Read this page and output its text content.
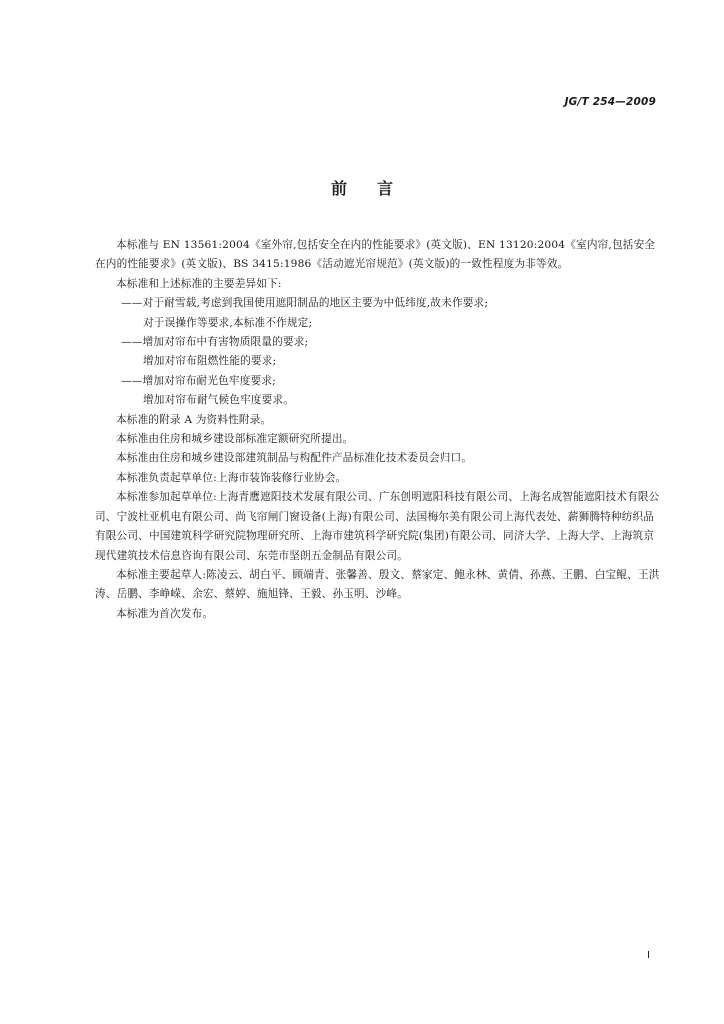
JG/T 254—2009
前 言

本标准与 EN 13561:2004《室外帘,包括安全在内的性能要求》(英文版)、EN 13120:2004《室内帘,包括安全在内的性能要求》(英文版)、BS 3415:1986《活动遮光帘规范》(英文版)的一致性程度为非等效。

本标准和上述标准的主要差异如下:

——对于耐雪载,考虑到我国使用遮阳制品的地区主要为中低纬度,故未作要求;

对于误操作等要求,本标准不作规定;

——增加对帘布中有害物质限量的要求;

增加对帘布阻燃性能的要求;

——增加对帘布耐光色牢度要求;

增加对帘布耐气候色牢度要求。

本标准的附录 A 为资料性附录。

本标准由住房和城乡建设部标准定额研究所提出。

本标准由住房和城乡建设部建筑制品与构配件产品标准化技术委员会归口。

本标准负责起草单位:上海市装饰装修行业协会。

本标准参加起草单位:上海青鹰遮阳技术发展有限公司、广东创明遮阳科技有限公司、上海名成智能遮阳技术有限公司、宁波杜亚机电有限公司、尚飞帘闸门窗设备(上海)有限公司、法国梅尔美有限公司上海代表处、薪狮腾特种纺织品有限公司、中国建筑科学研究院物理研究所、上海市建筑科学研究院(集团)有限公司、同济大学、上海大学、上海筑京现代建筑技术信息咨询有限公司、东莞市坚朗五金制品有限公司。

本标准主要起草人:陈凌云、胡白平、顾端青、张馨善、殷文、蔡家定、鲍永林、黄倩、孙燕、王鹏、白宝鲲、王洪涛、岳鹏、李峥嵘、余宏、蔡婷、施旭锋、王毅、孙玉明、沙峰。

本标准为首次发布。

I
